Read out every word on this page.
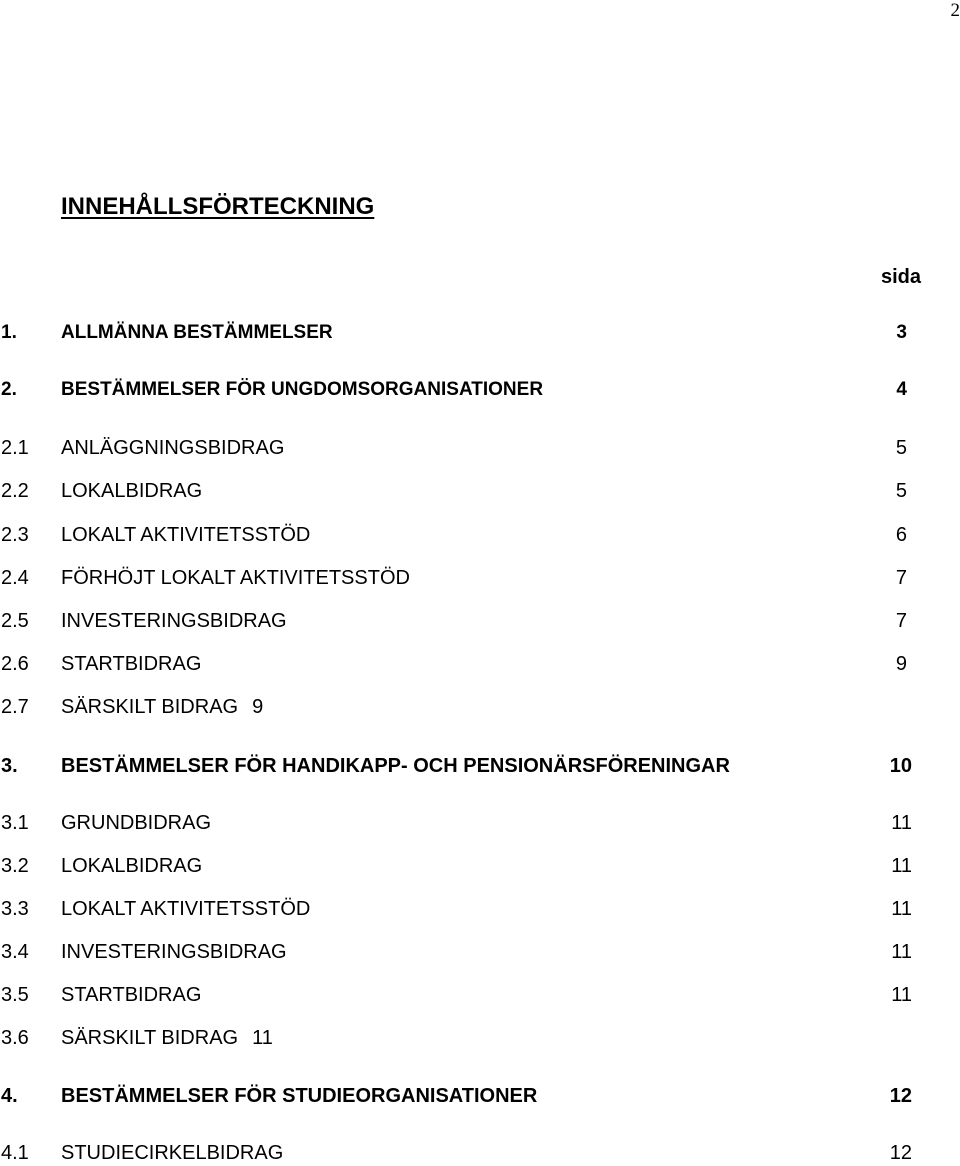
2
INNEHÅLLSFÖRTECKNING
sida
1. ALLMÄNNA BESTÄMMELSER	3
2. BESTÄMMELSER FÖR UNGDOMSORGANISATIONER	4
2.1 ANLÄGGNINGSBIDRAG	5
2.2 LOKALBIDRAG	5
2.3 LOKALT AKTIVITETSSTÖD	6
2.4 FÖRHÖJT LOKALT AKTIVITETSSTÖD	7
2.5 INVESTERINGSBIDRAG	7
2.6 STARTBIDRAG	9
2.7 SÄRSKILT BIDRAG 9
3. BESTÄMMELSER FÖR HANDIKAPP- OCH PENSIONÄRSFÖRENINGAR	10
3.1 GRUNDBIDRAG	11
3.2 LOKALBIDRAG	11
3.3 LOKALT AKTIVITETSSTÖD	11
3.4 INVESTERINGSBIDRAG	11
3.5 STARTBIDRAG	11
3.6 SÄRSKILT BIDRAG 11
4. BESTÄMMELSER FÖR STUDIEORGANISATIONER	12
4.1 STUDIECIRKELBIDRAG	12
